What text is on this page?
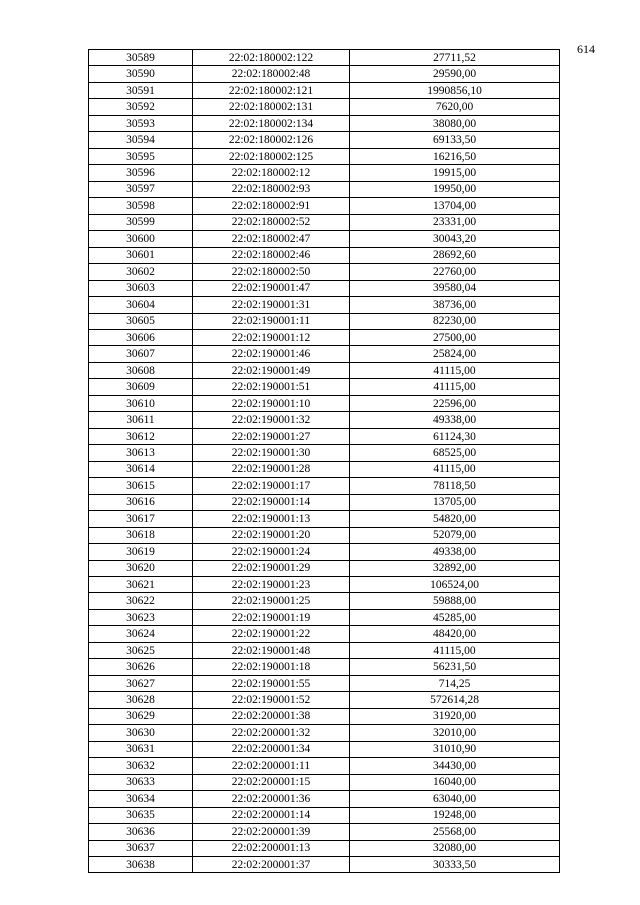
614
30589	22:02:180002:122	27711,52
30590	22:02:180002:48	29590,00
30591	22:02:180002:121	1990856,10
30592	22:02:180002:131	7620,00
30593	22:02:180002:134	38080,00
30594	22:02:180002:126	69133,50
30595	22:02:180002:125	16216,50
30596	22:02:180002:12	19915,00
30597	22:02:180002:93	19950,00
30598	22:02:180002:91	13704,00
30599	22:02:180002:52	23331,00
30600	22:02:180002:47	30043,20
30601	22:02:180002:46	28692,60
30602	22:02:180002:50	22760,00
30603	22:02:190001:47	39580,04
30604	22:02:190001:31	38736,00
30605	22:02:190001:11	82230,00
30606	22:02:190001:12	27500,00
30607	22:02:190001:46	25824,00
30608	22:02:190001:49	41115,00
30609	22:02:190001:51	41115,00
30610	22:02:190001:10	22596,00
30611	22:02:190001:32	49338,00
30612	22:02:190001:27	61124,30
30613	22:02:190001:30	68525,00
30614	22:02:190001:28	41115,00
30615	22:02:190001:17	78118,50
30616	22:02:190001:14	13705,00
30617	22:02:190001:13	54820,00
30618	22:02:190001:20	52079,00
30619	22:02:190001:24	49338,00
30620	22:02:190001:29	32892,00
30621	22:02:190001:23	106524,00
30622	22:02:190001:25	59888,00
30623	22:02:190001:19	45285,00
30624	22:02:190001:22	48420,00
30625	22:02:190001:48	41115,00
30626	22:02:190001:18	56231,50
30627	22:02:190001:55	714,25
30628	22:02:190001:52	572614,28
30629	22:02:200001:38	31920,00
30630	22:02:200001:32	32010,00
30631	22:02:200001:34	31010,90
30632	22:02:200001:11	34430,00
30633	22:02:200001:15	16040,00
30634	22:02:200001:36	63040,00
30635	22:02:200001:14	19248,00
30636	22:02:200001:39	25568,00
30637	22:02:200001:13	32080,00
30638	22:02:200001:37	30333,50
